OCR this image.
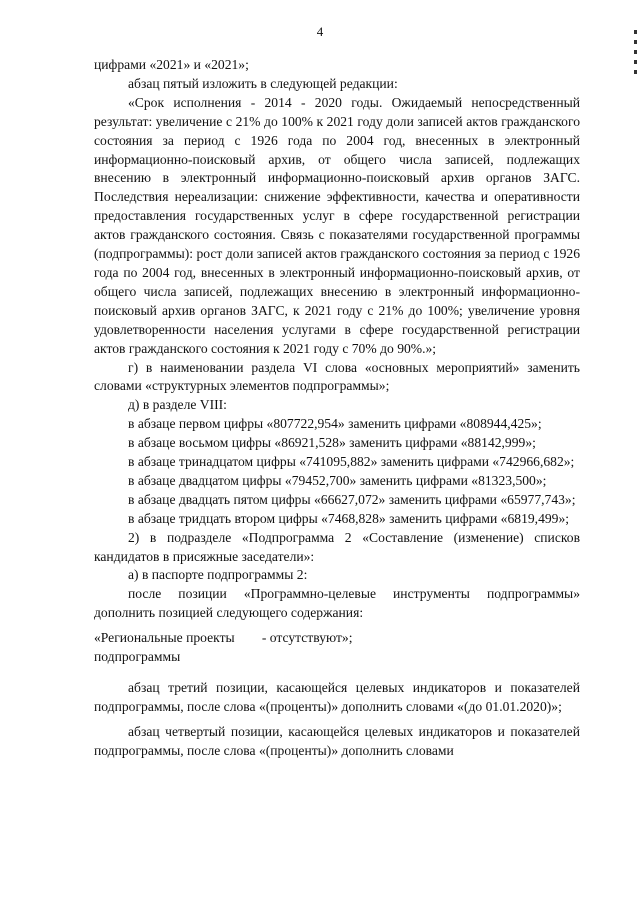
4

цифрами «2021» и «2021»;

абзац пятый изложить в следующей редакции:

«Срок исполнения - 2014 - 2020 годы. Ожидаемый непосредственный результат: увеличение с 21% до 100% к 2021 году доли записей актов гражданского состояния за период с 1926 года по 2004 год, внесенных в электронный информационно-поисковый архив, от общего числа записей, подлежащих внесению в электронный информационно-поисковый архив органов ЗАГС. Последствия нереализации: снижение эффективности, качества и оперативности предоставления государственных услуг в сфере государственной регистрации актов гражданского состояния. Связь с показателями государственной программы (подпрограммы): рост доли записей актов гражданского состояния за период с 1926 года по 2004 год, внесенных в электронный информационно-поисковый архив, от общего числа записей, подлежащих внесению в электронный информационно-поисковый архив органов ЗАГС, к 2021 году с 21% до 100%; увеличение уровня удовлетворенности населения услугами в сфере государственной регистрации актов гражданского состояния к 2021 году с 70% до 90%.»;

г) в наименовании раздела VI слова «основных мероприятий» заменить словами «структурных элементов подпрограммы»;

д) в разделе VIII:

в абзаце первом цифры «807722,954» заменить цифрами «808944,425»;

в абзаце восьмом цифры «86921,528» заменить цифрами «88142,999»;

в абзаце тринадцатом цифры «741095,882» заменить цифрами «742966,682»;

в абзаце двадцатом цифры «79452,700» заменить цифрами «81323,500»;

в абзаце двадцать пятом цифры «66627,072» заменить цифрами «65977,743»;

в абзаце тридцать втором цифры «7468,828» заменить цифрами «6819,499»;

2) в подразделе «Подпрограмма 2 «Составление (изменение) списков кандидатов в присяжные заседатели»:

а) в паспорте подпрограммы 2:

после позиции «Программно-целевые инструменты подпрограммы» дополнить позицией следующего содержания:

«Региональные проекты        - отсутствуют»;

подпрограммы

абзац третий позиции, касающейся целевых индикаторов и показателей подпрограммы, после слова «(проценты)» дополнить словами «(до 01.01.2020)»;

абзац четвертый позиции, касающейся целевых индикаторов и показателей подпрограммы, после слова «(проценты)» дополнить словами
